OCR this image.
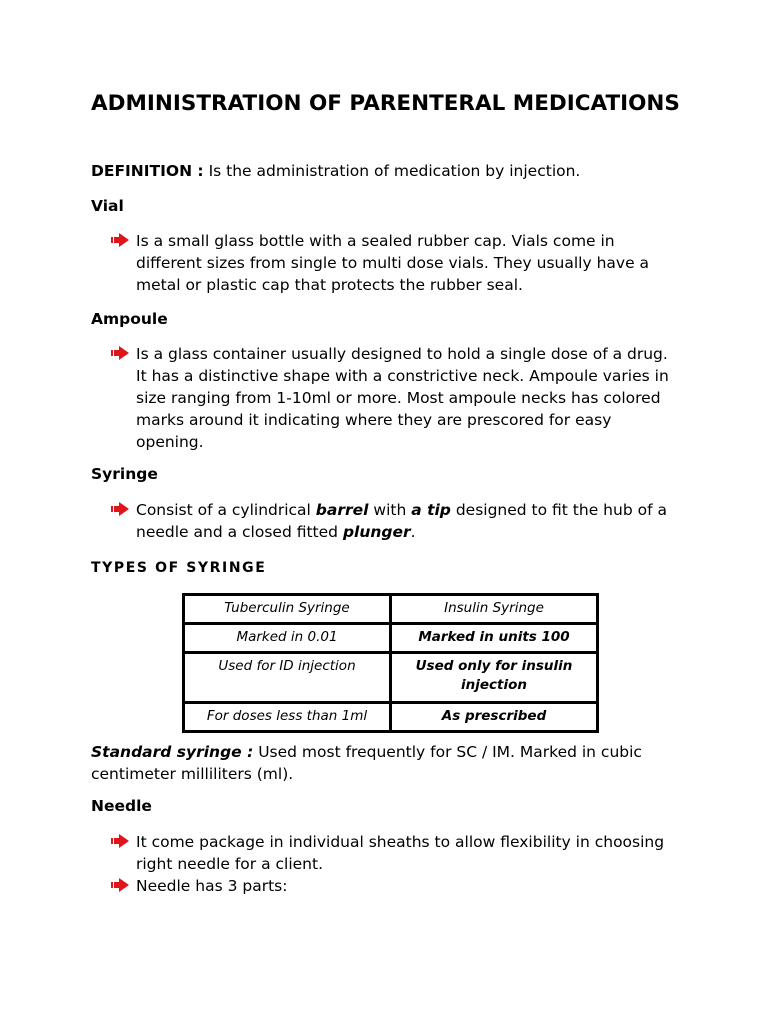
ADMINISTRATION OF PARENTERAL MEDICATIONS
DEFINITION : Is the administration of medication by injection.
Vial
Is a small glass bottle with a sealed rubber cap. Vials come in different sizes from single to multi dose vials. They usually have a metal or plastic cap that protects the rubber seal.
Ampoule
Is a glass container usually designed to hold a single dose of a drug. It has a distinctive shape with a constrictive neck. Ampoule varies in size ranging from 1-10ml or more. Most ampoule necks has colored marks around it indicating where they are prescored for easy opening.
Syringe
Consist of a cylindrical barrel with a tip designed to fit the hub of a needle and a closed fitted plunger.
TYPES OF SYRINGE
Tuberculin Syringe	Insulin Syringe
Marked in 0.01	Marked in units 100
Used for ID injection	Used only for insulin injection
For doses less than 1ml	As prescribed
Standard syringe : Used most frequently for SC / IM. Marked in cubic centimeter milliliters (ml).
Needle
It come package in individual sheaths to allow flexibility in choosing right needle for a client.
Needle has 3 parts:
